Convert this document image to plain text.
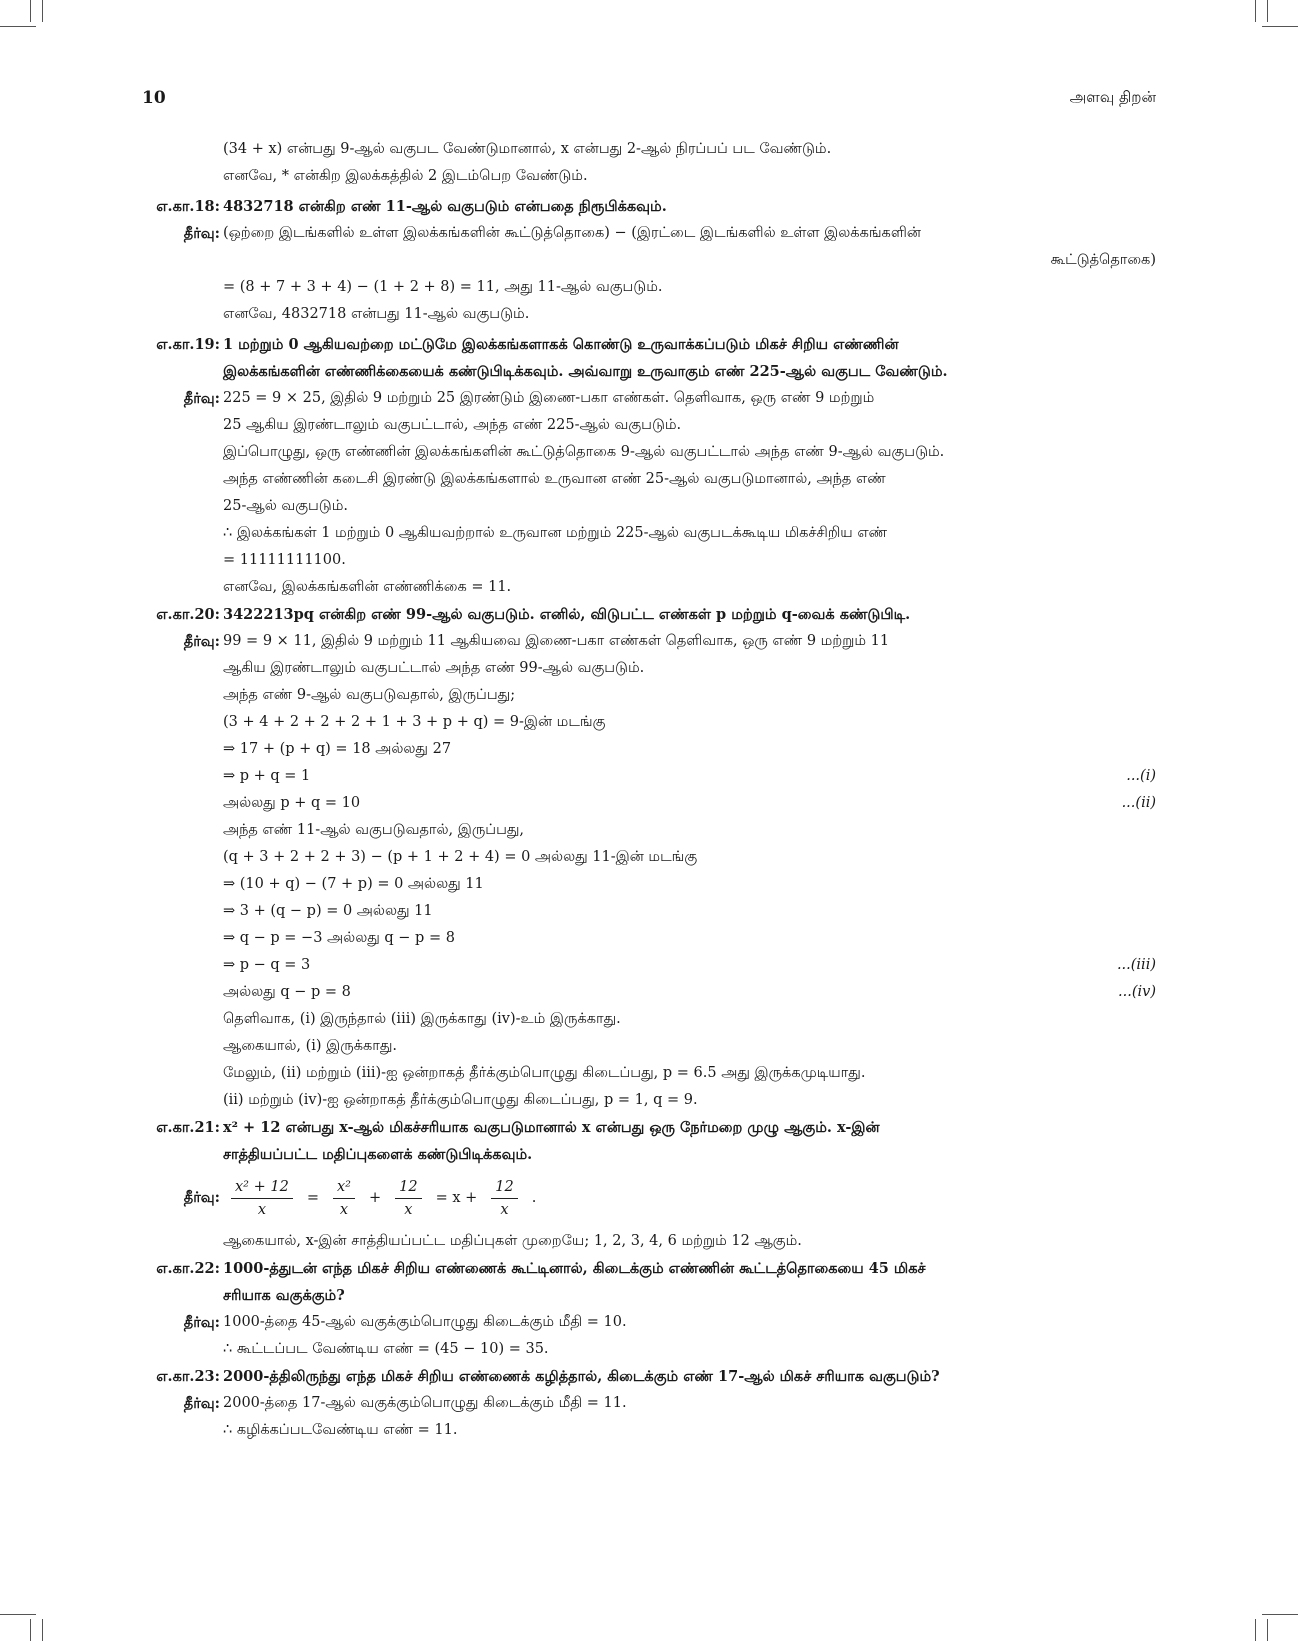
10	அளவு திறன்
(34 + x) என்பது 9-ஆல் வகுபட வேண்டுமானால், x என்பது 2-ஆல் நிரப்பப் பட வேண்டும்.
எனவே, * என்கிற இலக்கத்தில் 2 இடம்பெற வேண்டும்.
எ.கா.18: 4832718 என்கிற எண் 11-ஆல் வகுபடும் என்பதை நிரூபிக்கவும்.
தீர்வு: (ஒற்றை இடங்களில் உள்ள இலக்கங்களின் கூட்டுத்தொகை) − (இரட்டை இடங்களில் உள்ள இலக்கங்களின்
கூட்டுத்தொகை)
= (8 + 7 + 3 + 4) − (1 + 2 + 8) = 11, அது 11-ஆல் வகுபடும்.
எனவே, 4832718 என்பது 11-ஆல் வகுபடும்.
எ.கா.19: 1 மற்றும் 0 ஆகியவற்றை மட்டுமே இலக்கங்களாகக் கொண்டு உருவாக்கப்படும் மிகச் சிறிய எண்ணின்
இலக்கங்களின் எண்ணிக்கையைக் கண்டுபிடிக்கவும். அவ்வாறு உருவாகும் எண் 225-ஆல் வகுபட வேண்டும்.
தீர்வு: 225 = 9 × 25, இதில் 9 மற்றும் 25 இரண்டும் இணை-பகா எண்கள். தெளிவாக, ஒரு எண் 9 மற்றும்
25 ஆகிய இரண்டாலும் வகுபட்டால், அந்த எண் 225-ஆல் வகுபடும்.
இப்பொழுது, ஒரு எண்ணின் இலக்கங்களின் கூட்டுத்தொகை 9-ஆல் வகுபட்டால் அந்த எண் 9-ஆல் வகுபடும்.
அந்த எண்ணின் கடைசி இரண்டு இலக்கங்களால் உருவான எண் 25-ஆல் வகுபடுமானால், அந்த எண்
25-ஆல் வகுபடும்.
∴ இலக்கங்கள் 1 மற்றும் 0 ஆகியவற்றால் உருவான மற்றும் 225-ஆல் வகுபடக்கூடிய மிகச்சிறிய எண்
= 11111111100.
எனவே, இலக்கங்களின் எண்ணிக்கை = 11.
எ.கா.20: 3422213pq என்கிற எண் 99-ஆல் வகுபடும். எனில், விடுபட்ட எண்கள் p மற்றும் q-வைக் கண்டுபிடி.
தீர்வு: 99 = 9 × 11, இதில் 9 மற்றும் 11 ஆகியவை இணை-பகா எண்கள் தெளிவாக, ஒரு எண் 9 மற்றும் 11
ஆகிய இரண்டாலும் வகுபட்டால் அந்த எண் 99-ஆல் வகுபடும்.
அந்த எண் 9-ஆல் வகுபடுவதால், இருப்பது;
(3 + 4 + 2 + 2 + 2 + 1 + 3 + p + q) = 9-இன் மடங்கு
⇒ 17 + (p + q) = 18 அல்லது 27
⇒ p + q = 1	...(i)
அல்லது p + q = 10	...(ii)
அந்த எண் 11-ஆல் வகுபடுவதால், இருப்பது,
(q + 3 + 2 + 2 + 3) − (p + 1 + 2 + 4) = 0 அல்லது 11-இன் மடங்கு
⇒ (10 + q) − (7 + p) = 0 அல்லது 11
⇒ 3 + (q − p) = 0 அல்லது 11
⇒ q − p = −3 அல்லது q − p = 8
⇒ p − q = 3	...(iii)
அல்லது q − p = 8	...(iv)
தெளிவாக, (i) இருந்தால் (iii) இருக்காது (iv)-உம் இருக்காது.
ஆகையால், (i) இருக்காது.
மேலும், (ii) மற்றும் (iii)-ஐ ஒன்றாகத் தீர்க்கும்பொழுது கிடைப்பது, p = 6.5 அது இருக்கமுடியாது.
(ii) மற்றும் (iv)-ஐ ஒன்றாகத் தீர்க்கும்பொழுது கிடைப்பது, p = 1, q = 9.
எ.கா.21: x² + 12 என்பது x-ஆல் மிகச்சரியாக வகுபடுமானால் x என்பது ஒரு நேர்மறை முழு ஆகும். x-இன்
சாத்தியப்பட்ட மதிப்புகளைக் கண்டுபிடிக்கவும்.
தீர்வு: $\frac{\text{x² + 12}}{x} = \frac{\text{x²}}{x} + \frac{12}{x} = x + \frac{12}{x}$ .
ஆகையால், x-இன் சாத்தியப்பட்ட மதிப்புகள் முறையே; 1, 2, 3, 4, 6 மற்றும் 12 ஆகும்.
எ.கா.22: 1000-த்துடன் எந்த மிகச் சிறிய எண்ணைக் கூட்டினால், கிடைக்கும் எண்ணின் கூட்டத்தொகையை 45 மிகச்
சரியாக வகுக்கும்?
தீர்வு: 1000-த்தை 45-ஆல் வகுக்கும்பொழுது கிடைக்கும் மீதி = 10.
∴ கூட்டப்பட வேண்டிய எண் = (45 − 10) = 35.
எ.கா.23: 2000-த்திலிருந்து எந்த மிகச் சிறிய எண்ணைக் கழித்தால், கிடைக்கும் எண் 17-ஆல் மிகச் சரியாக வகுபடும்?
தீர்வு: 2000-த்தை 17-ஆல் வகுக்கும்பொழுது கிடைக்கும் மீதி = 11.
∴ கழிக்கப்படவேண்டிய எண் = 11.
